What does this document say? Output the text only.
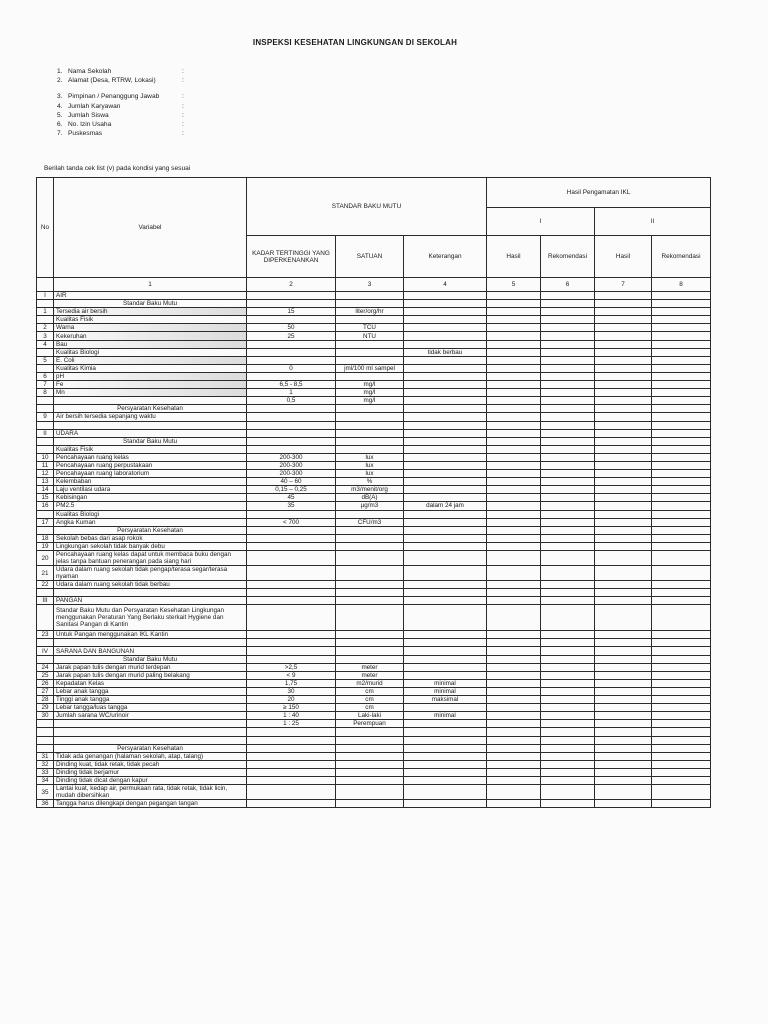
INSPEKSI KESEHATAN LINGKUNGAN DI SEKOLAH
1. Nama Sekolah	:
2. Alamat (Desa, RTRW, Lokasi)	:
3. Pimpinan / Penanggung Jawab	:
4. Jumlah Karyawan	:
5. Jumlah Siswa	:
6. No. Izin Usaha	:
7. Puskesmas	:
Berilah tanda cek list (v) pada kondisi yang sesuai
No	Variabel	STANDAR BAKU MUTU			Hasil Pengamatan IKL			
					I		II	
		KADAR TERTINGGI YANG DIPERKENANKAN	SATUAN	Keterangan	Hasil	Rekomendasi	Hasil	Rekomendasi
	1	2	3	4	5	6	7	8
I	AIR							
	Standar Baku Mutu							
1	Tersedia air bersih	15	liter/org/hr					
	Kualitas Fisik							
2	Warna	50	TCU					
3	Kekeruhan	25	NTU					
4	Bau							
	Kualitas Biologi			tidak berbau				
5	E. Coli							
	Kualitas Kimia	0	jml/100 ml sampel					
6	pH							
7	Fe	6,5 - 8,5	mg/l					
8	Mn	1	mg/l					
		0,5	mg/l					
	Persyaratan Kesehatan							
9	Air bersih tersedia sepanjang waktu							

II	UDARA							
	Standar Baku Mutu							
	Kualitas Fisik							
10	Pencahayaan ruang kelas	200-300	lux					
11	Pencahayaan ruang perpustakaan	200-300	lux					
12	Pencahayaan ruang laboratorium	200-300	lux					
13	Kelembaban	40 – 60	%					
14	Laju ventilasi udara	0,15 – 0,25	m3/menit/org					
15	Kebisingan	45	dB(A)					
16	PM2.5	35	µg/m3	dalam 24 jam				
	Kualitas Biologi							
17	Angka Kuman	< 700	CFU/m3					
	Persyaratan Kesehatan							
18	Sekolah bebas dari asap rokok							
19	Lingkungan sekolah tidak banyak debu							
20	Pencahayaan ruang kelas dapat untuk membaca buku dengan jelas tanpa bantuan penerangan pada siang hari							
21	Udara dalam ruang sekolah tidak pengap/terasa segar/terasa nyaman							
22	Udara dalam ruang sekolah tidak berbau							

III	PANGAN							
	Standar Baku Mutu dan Persyaratan Kesehatan Lingkungan menggunakan Peraturan Yang Berlaku sterkait Hygiene dan Sanitasi Pangan di Kantin							
23	Untuk Pangan menggunakan IKL Kantin							

IV	SARANA DAN BANGUNAN							
	Standar Baku Mutu							
24	Jarak papan tulis dengan murid terdepan	>2,5	meter					
25	Jarak papan tulis dengan murid paling belakang	< 9	meter					
26	Kepadatan Kelas	1,75	m2/murid	minimal				
27	Lebar anak tangga	30	cm	minimal				
28	Tinggi anak tangga	20	cm	maksimal				
29	Lebar tangga/luas tangga	≥ 150	cm					
30	Jumlah sarana WC/urinoir	1 : 40	Laki-laki	minimal				
		1 : 25	Perempuan					

	Persyaratan Kesehatan							
31	Tidak ada genangan (halaman sekolah, atap, talang)							
32	Dinding kuat, tidak retak, tidak pecah							
33	Dinding tidak berjamur							
34	Dinding tidak dicat dengan kapur							
35	Lantai kuat, kedap air, permukaan rata, tidak retak, tidak licin, mudah dibersihkan							
36	Tangga harus dilengkapi dengan pegangan tangan							
